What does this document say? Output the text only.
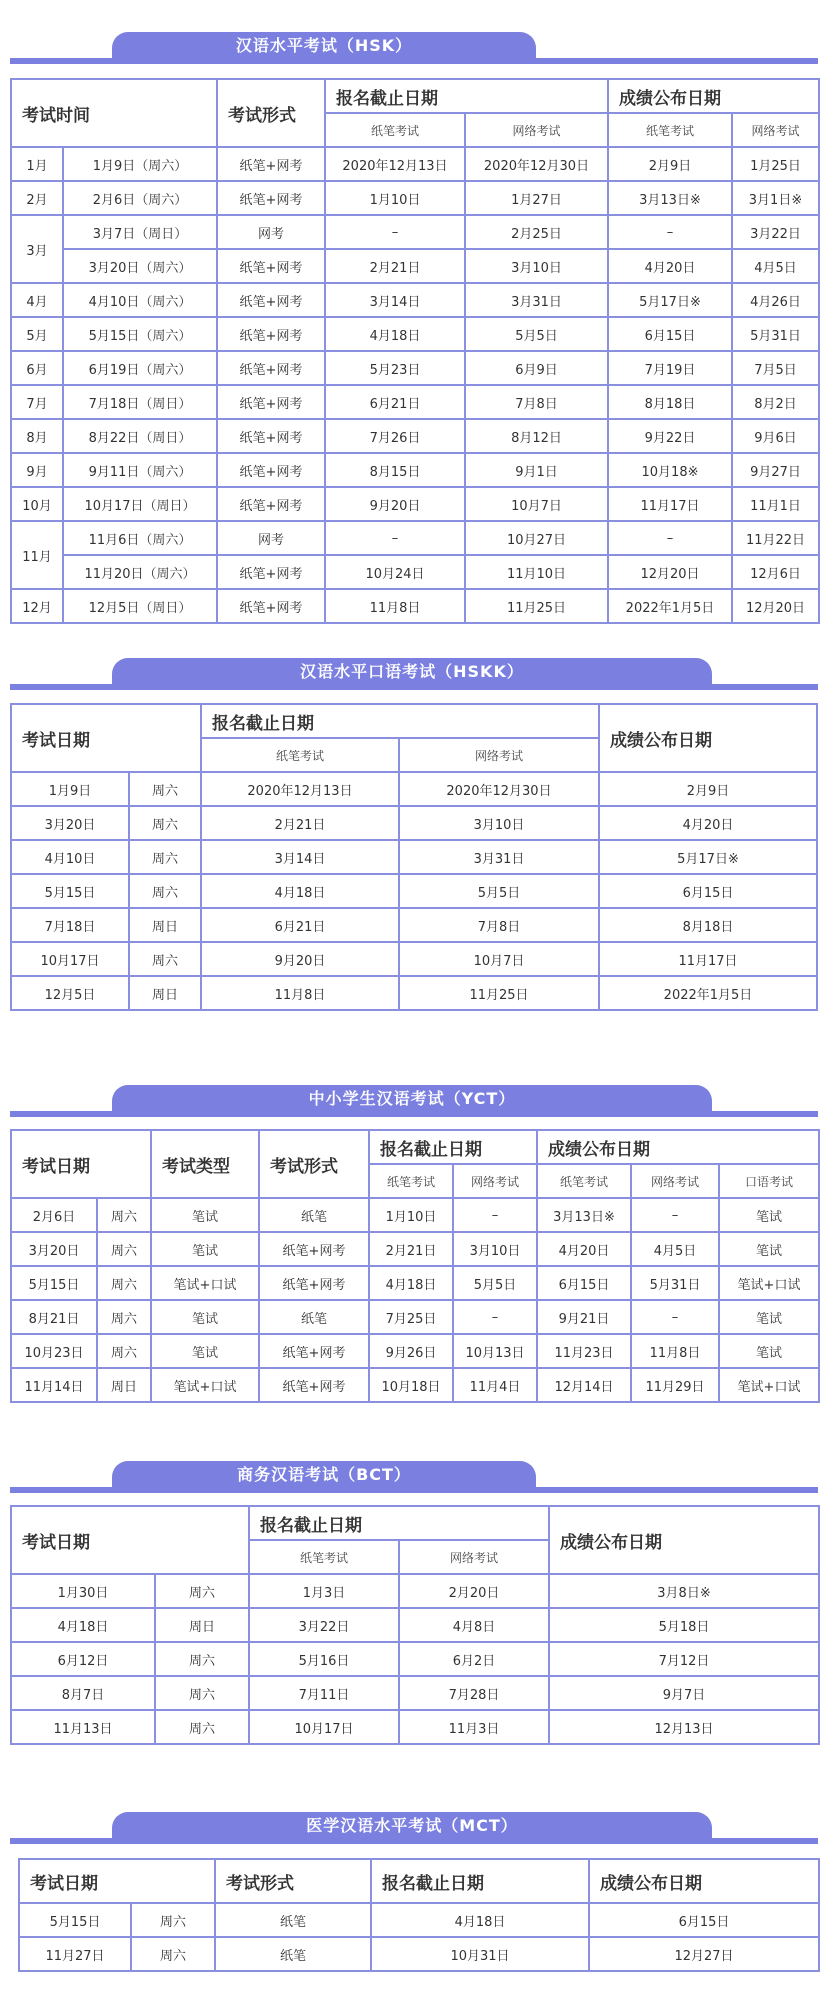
汉语水平考试（HSK）
考试时间		考试形式	报名截止日期		成绩公布日期	
			纸笔考试	网络考试	纸笔考试	网络考试
1月	1月9日（周六）	纸笔+网考	2020年12月13日	2020年12月30日	2月9日	1月25日
2月	2月6日（周六）	纸笔+网考	1月10日	1月27日	3月13日※	3月1日※
3月	3月7日（周日）	网考	–	2月25日	–	3月22日
	3月20日（周六）	纸笔+网考	2月21日	3月10日	4月20日	4月5日
4月	4月10日（周六）	纸笔+网考	3月14日	3月31日	5月17日※	4月26日
5月	5月15日（周六）	纸笔+网考	4月18日	5月5日	6月15日	5月31日
6月	6月19日（周六）	纸笔+网考	5月23日	6月9日	7月19日	7月5日
7月	7月18日（周日）	纸笔+网考	6月21日	7月8日	8月18日	8月2日
8月	8月22日（周日）	纸笔+网考	7月26日	8月12日	9月22日	9月6日
9月	9月11日（周六）	纸笔+网考	8月15日	9月1日	10月18※	9月27日
10月	10月17日（周日）	纸笔+网考	9月20日	10月7日	11月17日	11月1日
11月	11月6日（周六）	网考	–	10月27日	–	11月22日
	11月20日（周六）	纸笔+网考	10月24日	11月10日	12月20日	12月6日
12月	12月5日（周日）	纸笔+网考	11月8日	11月25日	2022年1月5日	12月20日
汉语水平口语考试（HSKK）
考试日期		报名截止日期		成绩公布日期
		纸笔考试	网络考试	
1月9日	周六	2020年12月13日	2020年12月30日	2月9日
3月20日	周六	2月21日	3月10日	4月20日
4月10日	周六	3月14日	3月31日	5月17日※
5月15日	周六	4月18日	5月5日	6月15日
7月18日	周日	6月21日	7月8日	8月18日
10月17日	周六	9月20日	10月7日	11月17日
12月5日	周日	11月8日	11月25日	2022年1月5日
中小学生汉语考试（YCT）
考试日期		考试类型	考试形式	报名截止日期		成绩公布日期		
				纸笔考试	网络考试	纸笔考试	网络考试	口语考试
2月6日	周六	笔试	纸笔	1月10日	–	3月13日※	–	笔试
3月20日	周六	笔试	纸笔+网考	2月21日	3月10日	4月20日	4月5日	笔试
5月15日	周六	笔试+口试	纸笔+网考	4月18日	5月5日	6月15日	5月31日	笔试+口试
8月21日	周六	笔试	纸笔	7月25日	–	9月21日	–	笔试
10月23日	周六	笔试	纸笔+网考	9月26日	10月13日	11月23日	11月8日	笔试
11月14日	周日	笔试+口试	纸笔+网考	10月18日	11月4日	12月14日	11月29日	笔试+口试
商务汉语考试（BCT）
考试日期		报名截止日期		成绩公布日期
		纸笔考试	网络考试	
1月30日	周六	1月3日	2月20日	3月8日※
4月18日	周日	3月22日	4月8日	5月18日
6月12日	周六	5月16日	6月2日	7月12日
8月7日	周六	7月11日	7月28日	9月7日
11月13日	周六	10月17日	11月3日	12月13日
医学汉语水平考试（MCT）
考试日期		考试形式	报名截止日期	成绩公布日期
5月15日	周六	纸笔	4月18日	6月15日
11月27日	周六	纸笔	10月31日	12月27日
